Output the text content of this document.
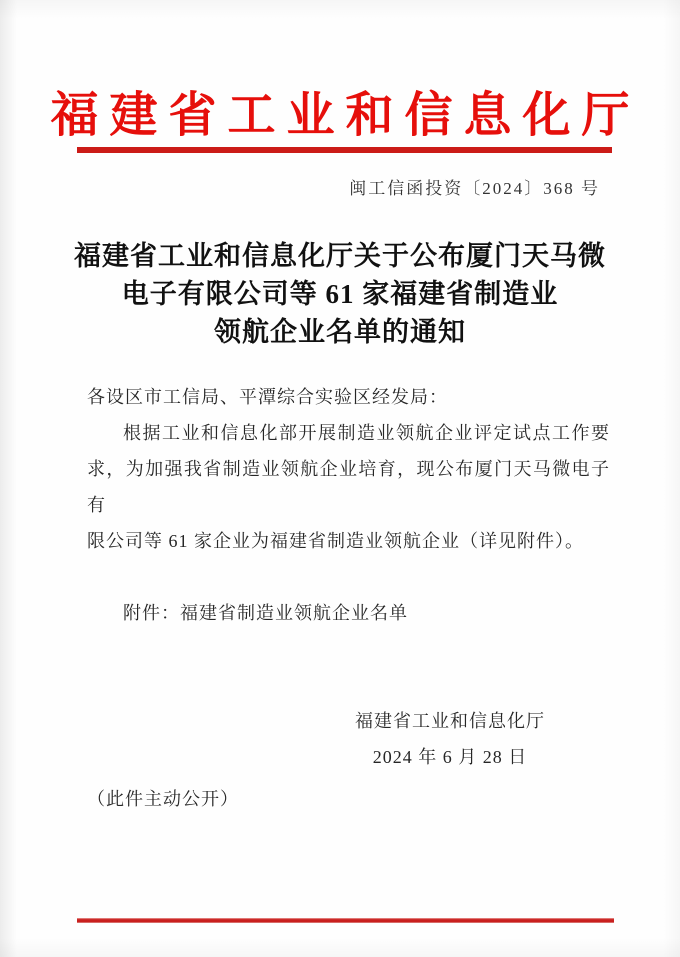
福建省工业和信息化厅
闽工信函投资〔2024〕368 号
福建省工业和信息化厅关于公布厦门天马微
电子有限公司等 61 家福建省制造业
领航企业名单的通知
各设区市工信局、平潭综合实验区经发局：
根据工业和信息化部开展制造业领航企业评定试点工作要
求，为加强我省制造业领航企业培育，现公布厦门天马微电子有
限公司等 61 家企业为福建省制造业领航企业（详见附件）。
附件：福建省制造业领航企业名单
福建省工业和信息化厅
2024 年 6 月 28 日
（此件主动公开）
